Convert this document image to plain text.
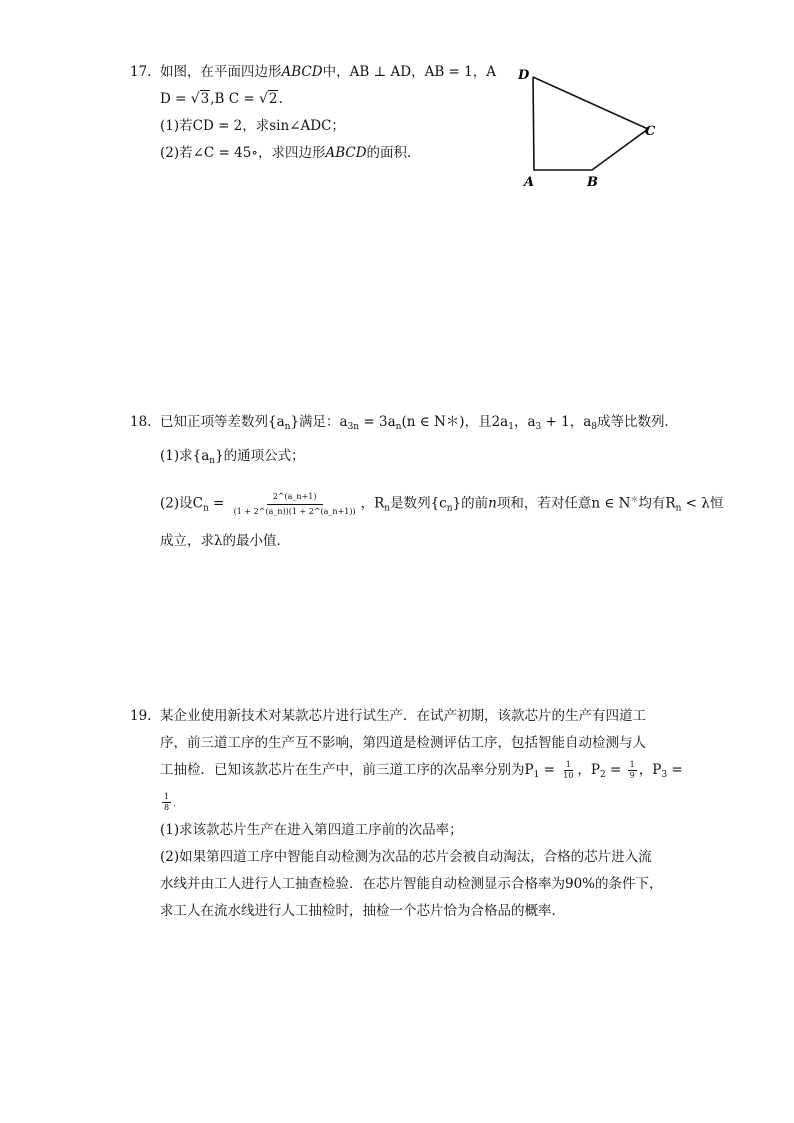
17. 如图，在平面四边形ABCD中，AB ⊥ AD，AB = 1，A
D = √3,B C = √2.
(1)若CD = 2，求sin∠ADC；
(2)若∠C = 45∘，求四边形ABCD的面积．
D
A	B
C
18. 已知正项等差数列$\{a_n\}$满足：$a_{3n} = 3a_n(n$ ∈ N＊)，且$2a_1$，$a_3 + 1$，$a_8$成等比数列．
(1)求$\{a_n\}$的通项公式；
(2)设$C_n = \frac{2\^{}(a\_n+1)}{(1 + 2\^{}(a\_n))(1 + 2\^{}(a\_n+1))}$ ，$R_n$是数列$\{c_n\}$的前n项和，若对任意n ∈ N＊均有$R_n < \lambda$恒
成立，求λ的最小值．
19. 某企业使用新技术对某款芯片进行试生产．在试产初期，该款芯片的生产有四道工
序，前三道工序的生产互不影响，第四道是检测评估工序，包括智能自动检测与人
工抽检．已知该款芯片在生产中，前三道工序的次品率分别为$P_1 = \frac{1}{10}$ ，$P_2 = \frac{1}{9}$ ，$P_3$ =
$\frac{1}{8}$ .
(1)求该款芯片生产在进入第四道工序前的次品率；
(2)如果第四道工序中智能自动检测为次品的芯片会被自动淘汰，合格的芯片进入流
水线并由工人进行人工抽查检验．在芯片智能自动检测显示合格率为90%的条件下，
求工人在流水线进行人工抽检时，抽检一个芯片恰为合格品的概率．
